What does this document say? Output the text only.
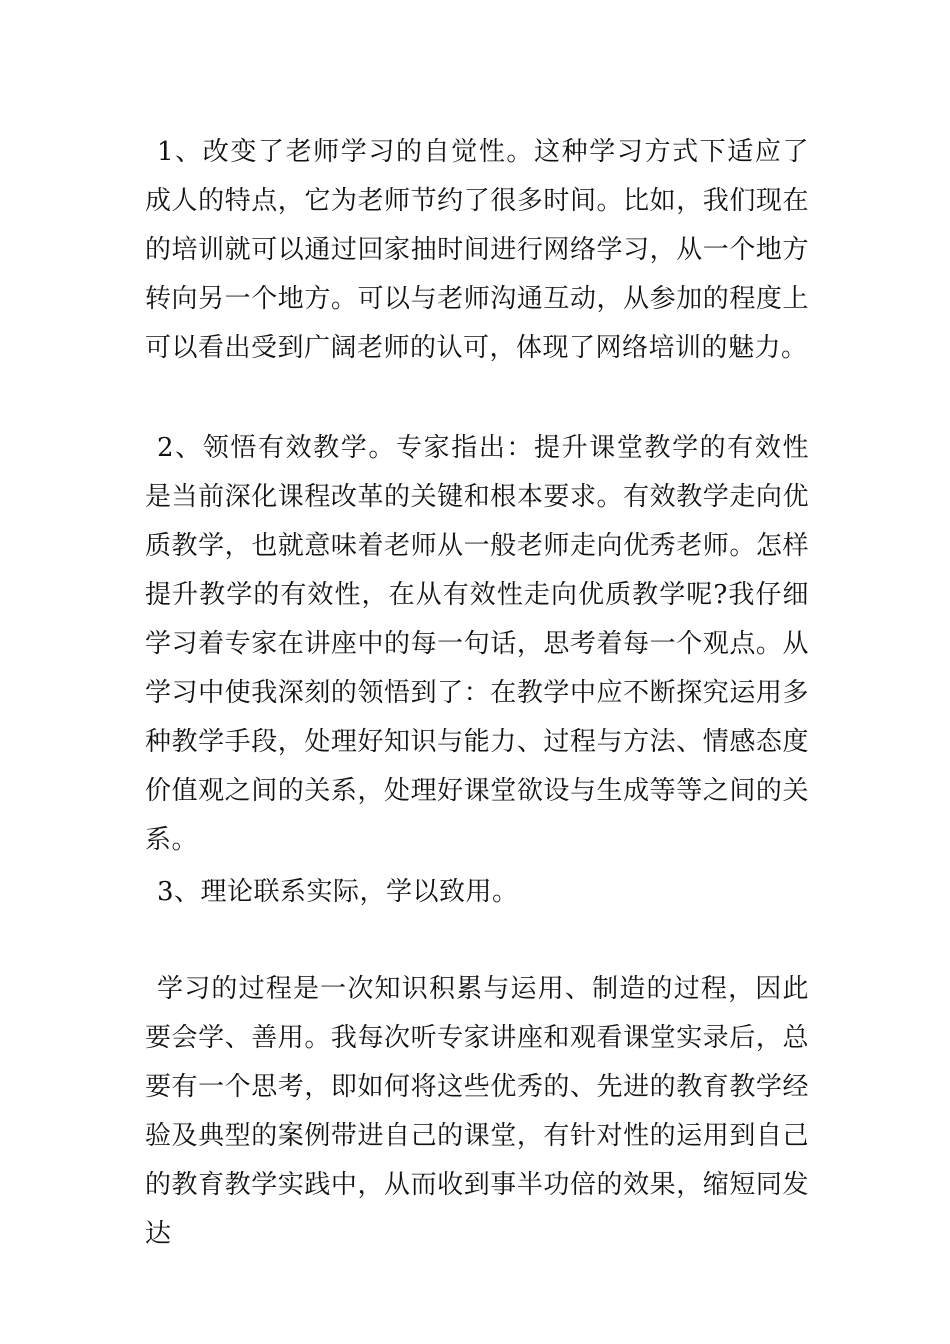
1、改变了老师学习的自觉性。这种学习方式下适应了成人的特点，它为老师节约了很多时间。比如，我们现在的培训就可以通过回家抽时间进行网络学习，从一个地方转向另一个地方。可以与老师沟通互动，从参加的程度上可以看出受到广阔老师的认可，体现了网络培训的魅力。

2、领悟有效教学。专家指出：提升课堂教学的有效性是当前深化课程改革的关键和根本要求。有效教学走向优质教学，也就意味着老师从一般老师走向优秀老师。怎样提升教学的有效性，在从有效性走向优质教学呢?我仔细学习着专家在讲座中的每一句话，思考着每一个观点。从学习中使我深刻的领悟到了：在教学中应不断探究运用多种教学手段，处理好知识与能力、过程与方法、情感态度价值观之间的关系，处理好课堂欲设与生成等等之间的关系。

3、理论联系实际，学以致用。

学习的过程是一次知识积累与运用、制造的过程，因此要会学、善用。我每次听专家讲座和观看课堂实录后，总要有一个思考，即如何将这些优秀的、先进的教育教学经验及典型的案例带进自己的课堂，有针对性的运用到自己的教育教学实践中，从而收到事半功倍的效果，缩短同发达
